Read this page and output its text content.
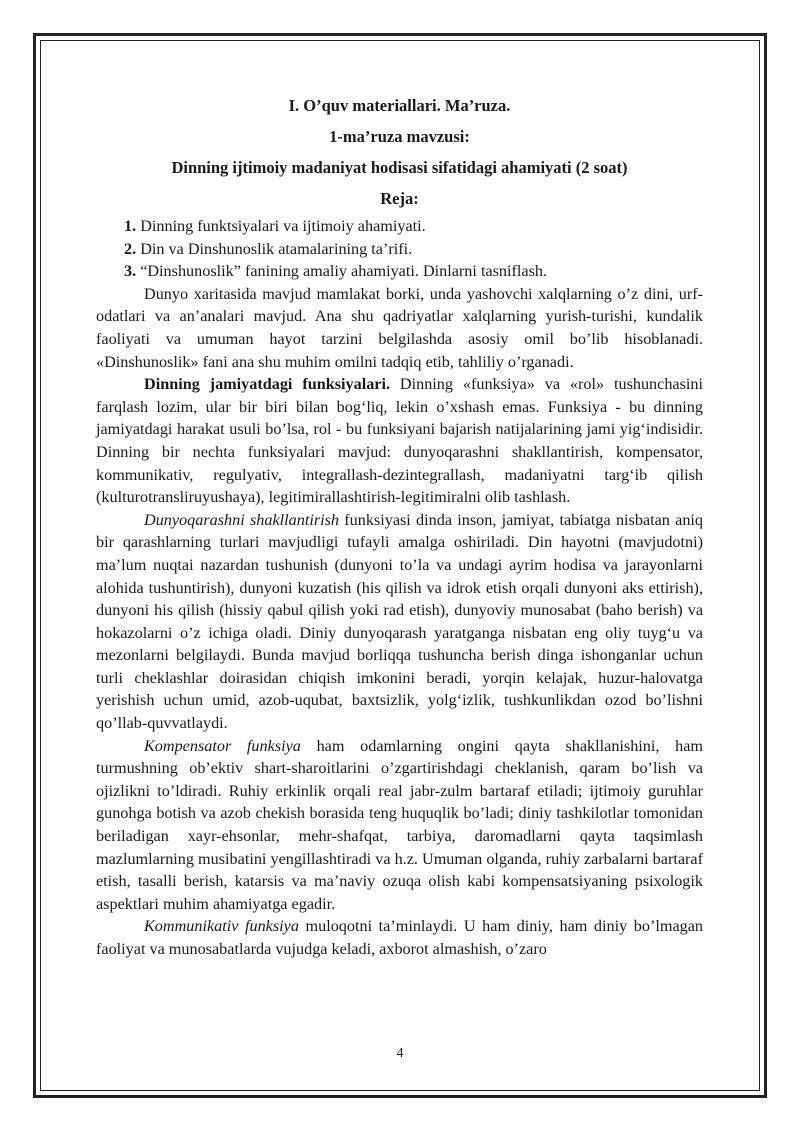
I. O’quv materiallari. Ma’ruza.
1-ma’ruza mavzusi:
Dinning ijtimoiy madaniyat hodisasi sifatidagi ahamiyati (2 soat)
Reja:
1. Dinning funktsiyalari va ijtimoiy ahamiyati.
2. Din va Dinshunoslik atamalarining ta’rifi.
3. “Dinshunoslik” fanining amaliy ahamiyati. Dinlarni tasniflash.

Dunyo xaritasida mavjud mamlakat borki, unda yashovchi xalqlarning o’z dini, urf-odatlari va an’analari mavjud. Ana shu qadriyatlar xalqlarning yurish-turishi, kundalik faoliyati va umuman hayot tarzini belgilashda asosiy omil bo’lib hisoblanadi. «Dinshunoslik» fani ana shu muhim omilni tadqiq etib, tahliliy o’rganadi.

Dinning jamiyatdagi funksiyalari. Dinning «funksiya» va «rol» tushunchasini farqlash lozim, ular bir biri bilan bog‘liq, lekin o’xshash emas. Funksiya - bu dinning jamiyatdagi harakat usuli bo’lsa, rol - bu funksiyani bajarish natijalarining jami yig‘indisidir. Dinning bir nechta funksiyalari mavjud: dunyoqarashni shakllantirish, kompensator, kommunikativ, regulyativ, integrallash-dezintegrallash, madaniyatni targ‘ib qilish (kulturotransliruyushaya), legitimirallashtirish-legitimiralni olib tashlash.

Dunyoqarashni shakllantirish funksiyasi dinda inson, jamiyat, tabiatga nisbatan aniq bir qarashlarning turlari mavjudligi tufayli amalga oshiriladi. Din hayotni (mavjudotni) ma’lum nuqtai nazardan tushunish (dunyoni to’la va undagi ayrim hodisa va jarayonlarni alohida tushuntirish), dunyoni kuzatish (his qilish va idrok etish orqali dunyoni aks ettirish), dunyoni his qilish (hissiy qabul qilish yoki rad etish), dunyoviy munosabat (baho berish) va hokazolarni o’z ichiga oladi. Diniy dunyoqarash yaratganga nisbatan eng oliy tuyg‘u va mezonlarni belgilaydi. Bunda mavjud borliqqa tushuncha berish dinga ishonganlar uchun turli cheklashlar doirasidan chiqish imkonini beradi, yorqin kelajak, huzur-halovatga yerishish uchun umid, azob-uqubat, baxtsizlik, yolg‘izlik, tushkunlikdan ozod bo’lishni qo’llab-quvvatlaydi.

Kompensator funksiya ham odamlarning ongini qayta shakllanishini, ham turmushning ob’ektiv shart-sharoitlarini o’zgartirishdagi cheklanish, qaram bo’lish va ojizlikni to’ldiradi. Ruhiy erkinlik orqali real jabr-zulm bartaraf etiladi; ijtimoiy guruhlar gunohga botish va azob chekish borasida teng huquqlik bo’ladi; diniy tashkilotlar tomonidan beriladigan xayr-ehsonlar, mehr-shafqat, tarbiya, daromadlarni qayta taqsimlash mazlumlarning musibatini yengillashtiradi va h.z. Umuman olganda, ruhiy zarbalarni bartaraf etish, tasalli berish, katarsis va ma’naviy ozuqa olish kabi kompensatsiyaning psixologik aspektlari muhim ahamiyatga egadir.

Kommunikativ funksiya muloqotni ta’minlaydi. U ham diniy, ham diniy bo’lmagan faoliyat va munosabatlarda vujudga keladi, axborot almashish, o’zaro

4
